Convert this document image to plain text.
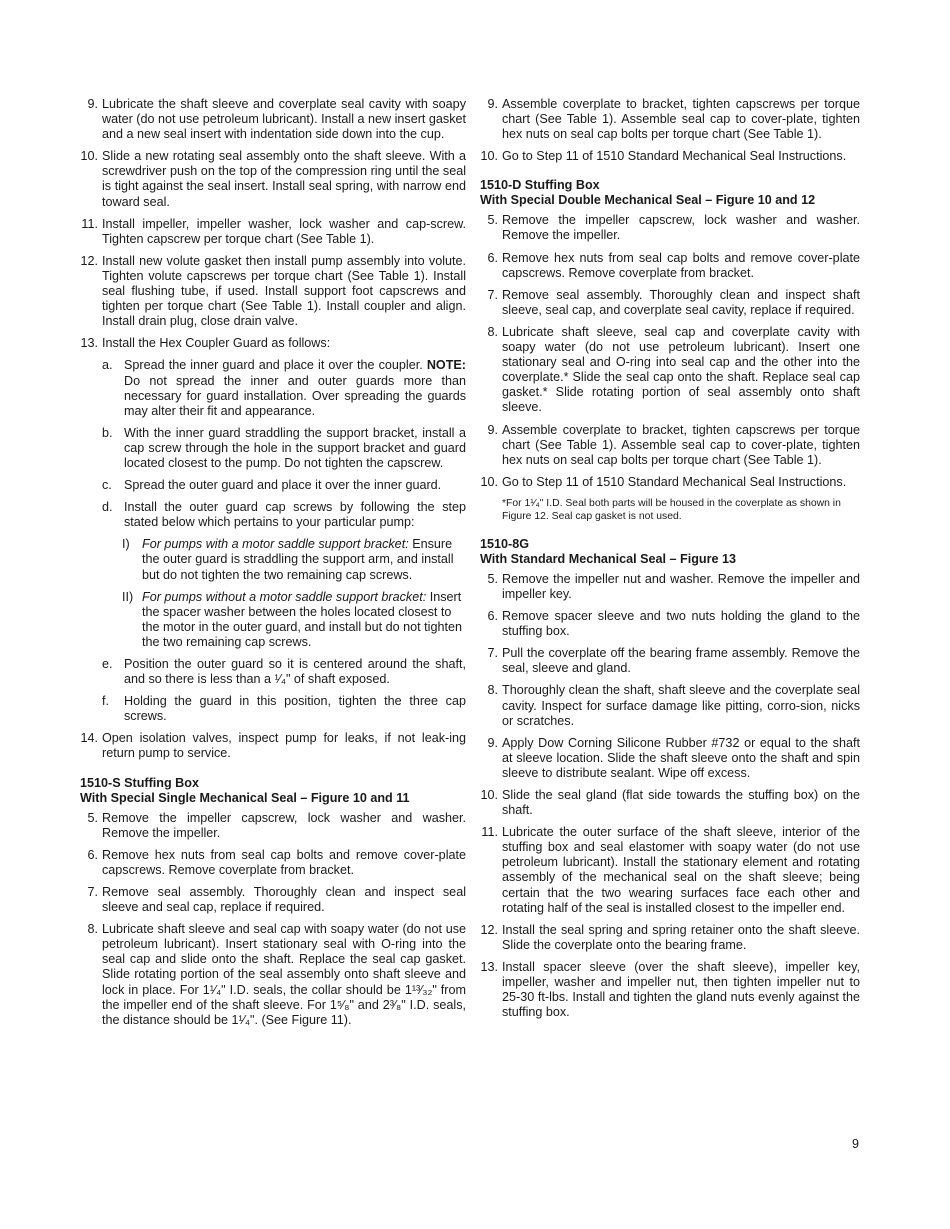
9. Lubricate the shaft sleeve and coverplate seal cavity with soapy water (do not use petroleum lubricant). Install a new insert gasket and a new seal insert with indentation side down into the cup.
10. Slide a new rotating seal assembly onto the shaft sleeve. With a screwdriver push on the top of the compression ring until the seal is tight against the seal insert. Install seal spring, with narrow end toward seal.
11. Install impeller, impeller washer, lock washer and cap-screw. Tighten capscrew per torque chart (See Table 1).
12. Install new volute gasket then install pump assembly into volute. Tighten volute capscrews per torque chart (See Table 1). Install seal flushing tube, if used. Install support foot capscrews and tighten per torque chart (See Table 1). Install coupler and align. Install drain plug, close drain valve.
13. Install the Hex Coupler Guard as follows:
a. Spread the inner guard and place it over the coupler. NOTE: Do not spread the inner and outer guards more than necessary for guard installation. Over spreading the guards may alter their fit and appearance.
b. With the inner guard straddling the support bracket, install a cap screw through the hole in the support bracket and guard located closest to the pump. Do not tighten the capscrew.
c. Spread the outer guard and place it over the inner guard.
d. Install the outer guard cap screws by following the step stated below which pertains to your particular pump:
I) For pumps with a motor saddle support bracket: Ensure the outer guard is straddling the support arm, and install but do not tighten the two remaining cap screws.
II) For pumps without a motor saddle support bracket: Insert the spacer washer between the holes located closest to the motor in the outer guard, and install but do not tighten the two remaining cap screws.
e. Position the outer guard so it is centered around the shaft, and so there is less than a ¹⁄₄" of shaft exposed.
f.	Holding the guard in this position, tighten the three cap screws.
14. Open isolation valves, inspect pump for leaks, if not leak-ing return pump to service.
1510-S Stuffing Box
With Special Single Mechanical Seal – Figure 10 and 11
5. Remove the impeller capscrew, lock washer and washer. Remove the impeller.
6. Remove hex nuts from seal cap bolts and remove cover-plate capscrews. Remove coverplate from bracket.
7. Remove seal assembly. Thoroughly clean and inspect seal sleeve and seal cap, replace if required.
8. Lubricate shaft sleeve and seal cap with soapy water (do not use petroleum lubricant). Insert stationary seal with O-ring into the seal cap and slide onto the shaft. Replace the seal cap gasket. Slide rotating portion of the seal assembly onto shaft sleeve and lock in place. For 1¹⁄₄" I.D. seals, the collar should be 1¹³⁄₃₂" from the impeller end of the shaft sleeve. For 1⁵⁄₈" and 2³⁄₈" I.D. seals, the distance should be 1¹⁄₄". (See Figure 11).
9. Assemble coverplate to bracket, tighten capscrews per torque chart (See Table 1). Assemble seal cap to cover-plate, tighten hex nuts on seal cap bolts per torque chart (See Table 1).
10. Go to Step 11 of 1510 Standard Mechanical Seal Instructions.
1510-D Stuffing Box
With Special Double Mechanical Seal – Figure 10 and 12
5. Remove the impeller capscrew, lock washer and washer. Remove the impeller.
6. Remove hex nuts from seal cap bolts and remove cover-plate capscrews. Remove coverplate from bracket.
7. Remove seal assembly. Thoroughly clean and inspect shaft sleeve, seal cap, and coverplate seal cavity, replace if required.
8. Lubricate shaft sleeve, seal cap and coverplate cavity with soapy water (do not use petroleum lubricant). Insert one stationary seal and O-ring into seal cap and the other into the coverplate.* Slide the seal cap onto the shaft. Replace seal cap gasket.* Slide rotating portion of seal assembly onto shaft sleeve.
9. Assemble coverplate to bracket, tighten capscrews per torque chart (See Table 1). Assemble seal cap to cover-plate, tighten hex nuts on seal cap bolts per torque chart (See Table 1).
10. Go to Step 11 of 1510 Standard Mechanical Seal Instructions.
*For 1¹⁄₄" I.D. Seal both parts will be housed in the coverplate as shown in Figure 12. Seal cap gasket is not used.
1510-8G
With Standard Mechanical Seal – Figure 13
5. Remove the impeller nut and washer. Remove the impeller and impeller key.
6. Remove spacer sleeve and two nuts holding the gland to the stuffing box.
7. Pull the coverplate off the bearing frame assembly. Remove the seal, sleeve and gland.
8. Thoroughly clean the shaft, shaft sleeve and the coverplate seal cavity. Inspect for surface damage like pitting, corro-sion, nicks or scratches.
9. Apply Dow Corning Silicone Rubber #732 or equal to the shaft at sleeve location. Slide the shaft sleeve onto the shaft and spin sleeve to distribute sealant. Wipe off excess.
10. Slide the seal gland (flat side towards the stuffing box) on the shaft.
11. Lubricate the outer surface of the shaft sleeve, interior of the stuffing box and seal elastomer with soapy water (do not use petroleum lubricant). Install the stationary element and rotating assembly of the mechanical seal on the shaft sleeve; being certain that the two wearing surfaces face each other and rotating half of the seal is installed closest to the impeller end.
12. Install the seal spring and spring retainer onto the shaft sleeve. Slide the coverplate onto the bearing frame.
13. Install spacer sleeve (over the shaft sleeve), impeller key, impeller, washer and impeller nut, then tighten impeller nut to 25-30 ft-lbs. Install and tighten the gland nuts evenly against the stuffing box.
9
